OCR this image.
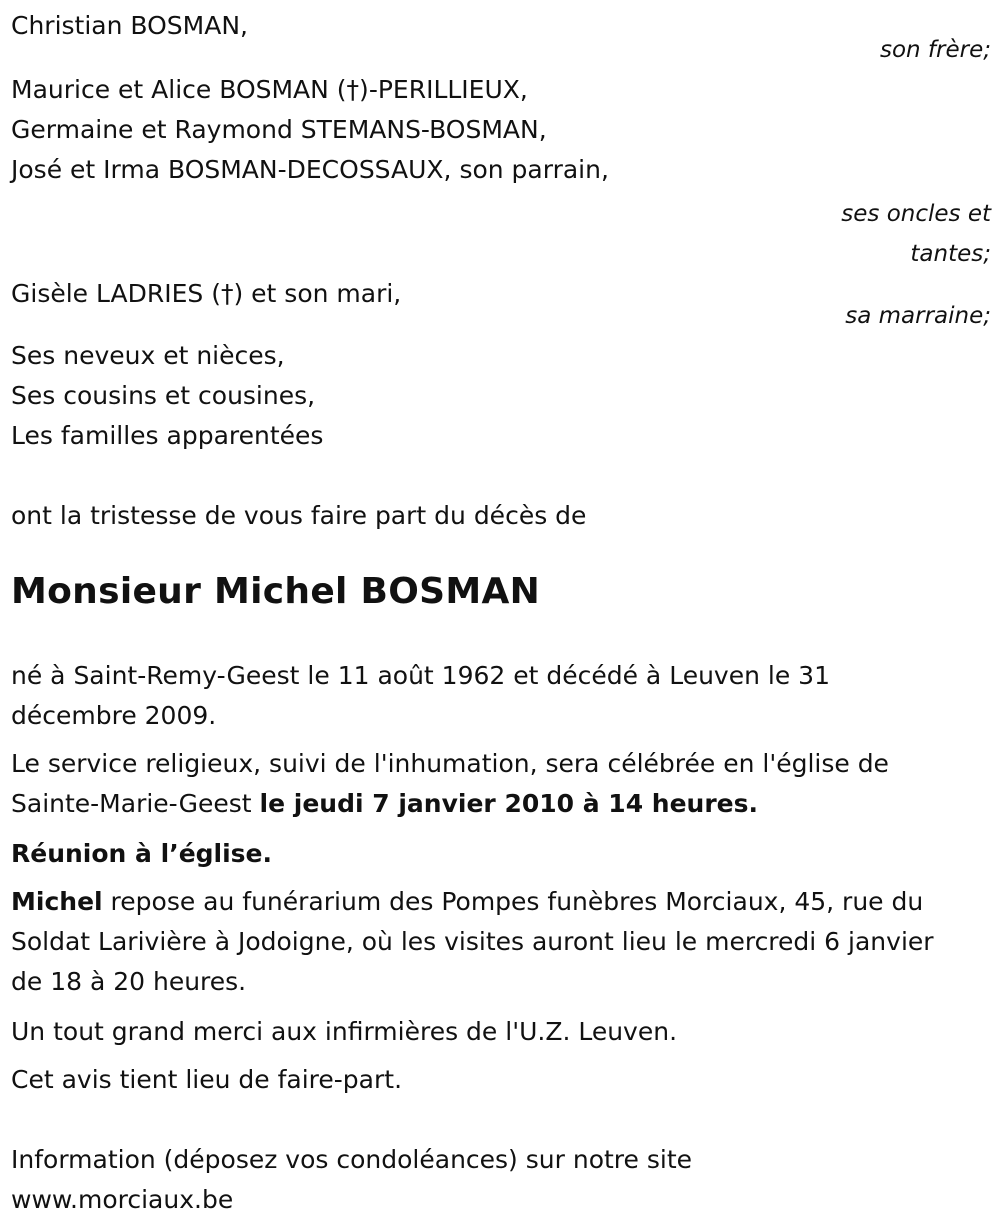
Christian BOSMAN,
son frère;
Maurice et Alice BOSMAN (†)-PERILLIEUX,
Germaine et Raymond STEMANS-BOSMAN,
José et Irma BOSMAN-DECOSSAUX, son parrain,
ses oncles et
tantes;
Gisèle LADRIES (†) et son mari,
sa marraine;
Ses neveux et nièces,
Ses cousins et cousines,
Les familles apparentées
ont la tristesse de vous faire part du décès de
Monsieur Michel BOSMAN
né à Saint-Remy-Geest le 11 août 1962 et décédé à Leuven le 31
décembre 2009.
Le service religieux, suivi de l'inhumation, sera célébrée en l'église de
Sainte-Marie-Geest le jeudi 7 janvier 2010 à 14 heures.
Réunion à l’église.
Michel repose au funérarium des Pompes funèbres Morciaux, 45, rue du
Soldat Larivière à Jodoigne, où les visites auront lieu le mercredi 6 janvier
de 18 à 20 heures.
Un tout grand merci aux infirmières de l'U.Z. Leuven.
Cet avis tient lieu de faire-part.
Information (déposez vos condoléances) sur notre site
www.morciaux.be
